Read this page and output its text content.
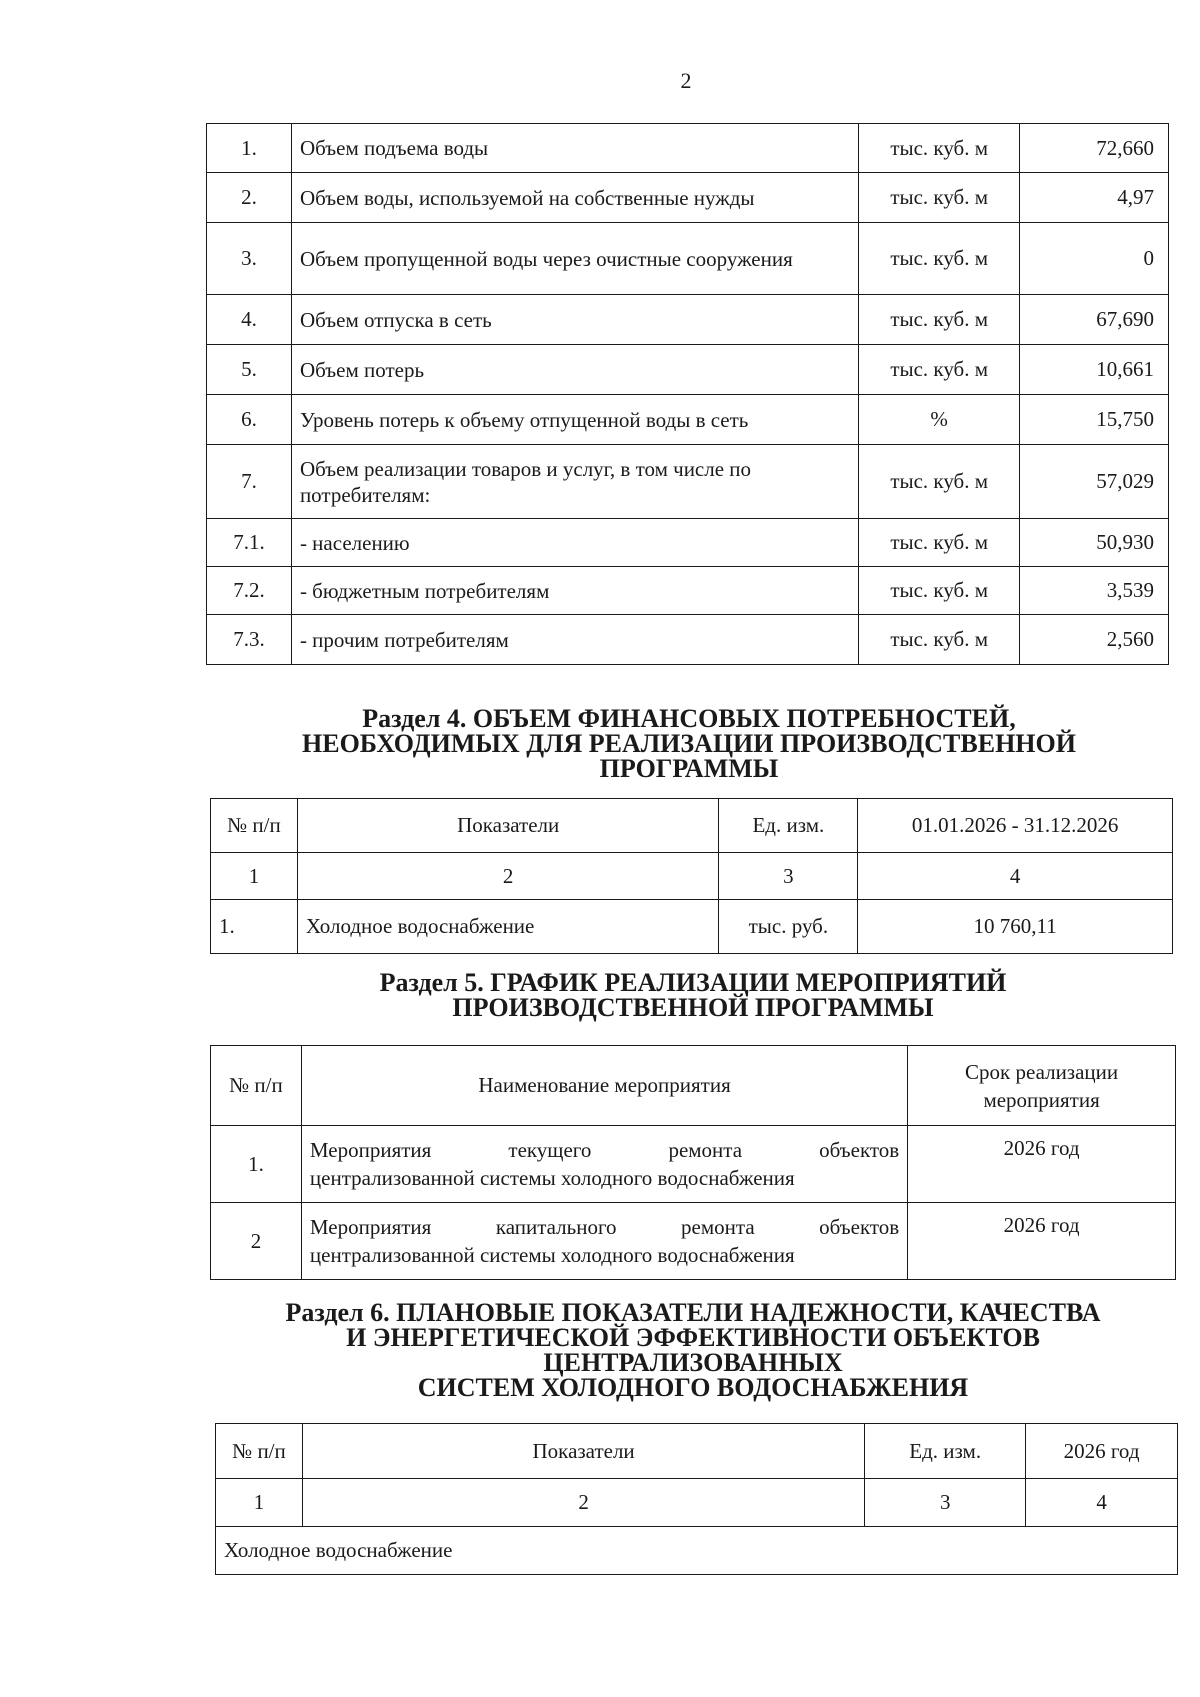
2
1.	Объем подъема воды	тыс. куб. м	72,660
2.	Объем воды, используемой на собственные нужды	тыс. куб. м	4,97
3.	Объем пропущенной воды через очистные сооружения	тыс. куб. м	0
4.	Объем отпуска в сеть	тыс. куб. м	67,690
5.	Объем потерь	тыс. куб. м	10,661
6.	Уровень потерь к объему отпущенной воды в сеть	%	15,750
7.	Объем реализации товаров и услуг, в том числе по потребителям:	тыс. куб. м	57,029
7.1.	- населению	тыс. куб. м	50,930
7.2.	- бюджетным потребителям	тыс. куб. м	3,539
7.3.	- прочим потребителям	тыс. куб. м	2,560
Раздел 4. ОБЪЕМ ФИНАНСОВЫХ ПОТРЕБНОСТЕЙ,
НЕОБХОДИМЫХ ДЛЯ РЕАЛИЗАЦИИ ПРОИЗВОДСТВЕННОЙ
ПРОГРАММЫ
№ п/п	Показатели	Ед. изм.	01.01.2026 - 31.12.2026
1	2	3	4
1.	Холодное водоснабжение	тыс. руб.	10 760,11
Раздел 5. ГРАФИК РЕАЛИЗАЦИИ МЕРОПРИЯТИЙ
ПРОИЗВОДСТВЕННОЙ ПРОГРАММЫ
№ п/п	Наименование мероприятия	Срок реализации
мероприятия

1.	Мероприятия текущего ремонта объектов
централизованной системы холодного водоснабжения	2026 год
2	Мероприятия капитального ремонта объектов
централизованной системы холодного водоснабжения	2026 год
Раздел 6. ПЛАНОВЫЕ ПОКАЗАТЕЛИ НАДЕЖНОСТИ, КАЧЕСТВА
И ЭНЕРГЕТИЧЕСКОЙ ЭФФЕКТИВНОСТИ ОБЪЕКТОВ
ЦЕНТРАЛИЗОВАННЫХ
СИСТЕМ ХОЛОДНОГО ВОДОСНАБЖЕНИЯ
№ п/п	Показатели	Ед. изм.	2026 год
1	2	3	4
Холодное водоснабжение			
